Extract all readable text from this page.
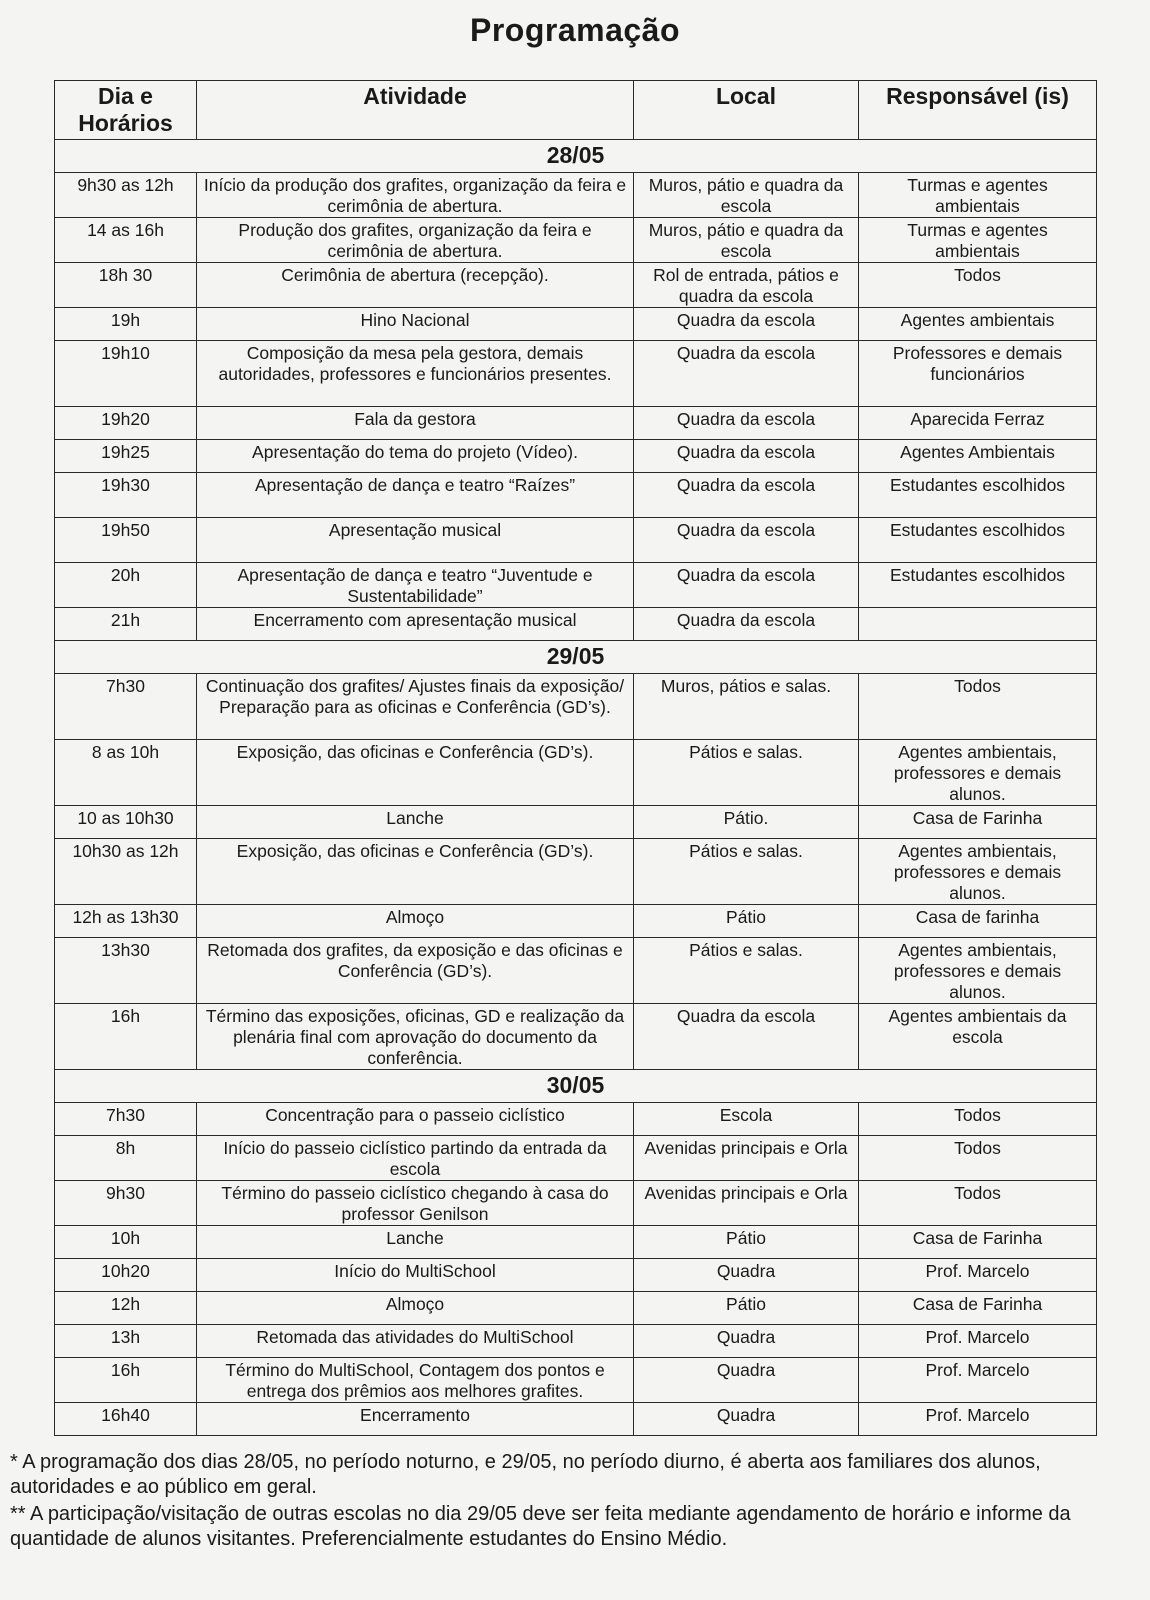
Programação
Dia e Horários	Atividade	Local	Responsável (is)
28/05			
9h30 as 12h	Início da produção dos grafites, organização da feira e cerimônia de abertura.	Muros, pátio e quadra da escola	Turmas e agentes ambientais
14 as 16h	Produção dos grafites, organização da feira e cerimônia de abertura.	Muros, pátio e quadra da escola	Turmas e agentes ambientais
18h 30	Cerimônia de abertura (recepção).	Rol de entrada, pátios e quadra da escola	Todos
19h	Hino Nacional	Quadra da escola	Agentes ambientais
19h10	Composição da mesa pela gestora, demais autoridades, professores e funcionários presentes.	Quadra da escola	Professores e demais funcionários
19h20	Fala da gestora	Quadra da escola	Aparecida Ferraz
19h25	Apresentação do tema do projeto (Vídeo).	Quadra da escola	Agentes Ambientais
19h30	Apresentação de dança e teatro “Raízes”	Quadra da escola	Estudantes escolhidos
19h50	Apresentação musical	Quadra da escola	Estudantes escolhidos
20h	Apresentação de dança e teatro “Juventude e Sustentabilidade”	Quadra da escola	Estudantes escolhidos
21h	Encerramento com apresentação musical	Quadra da escola	
29/05			
7h30	Continuação dos grafites/ Ajustes finais da exposição/ Preparação para as oficinas e Conferência (GD’s).	Muros, pátios e salas.	Todos
8 as 10h	Exposição, das oficinas e Conferência (GD’s).	Pátios e salas.	Agentes ambientais, professores e demais alunos.
10 as 10h30	Lanche	Pátio.	Casa de Farinha
10h30 as 12h	Exposição, das oficinas e Conferência (GD’s).	Pátios e salas.	Agentes ambientais, professores e demais alunos.
12h as 13h30	Almoço	Pátio	Casa de farinha
13h30	Retomada dos grafites, da exposição e das oficinas e Conferência (GD’s).	Pátios e salas.	Agentes ambientais, professores e demais alunos.
16h	Término das exposições, oficinas, GD e realização da plenária final com aprovação do documento da conferência.	Quadra da escola	Agentes ambientais da escola
30/05			
7h30	Concentração para o passeio ciclístico	Escola	Todos
8h	Início do passeio ciclístico partindo da entrada da escola	Avenidas principais e Orla	Todos
9h30	Término do passeio ciclístico chegando à casa do professor Genilson	Avenidas principais e Orla	Todos
10h	Lanche	Pátio	Casa de Farinha
10h20	Início do MultiSchool	Quadra	Prof. Marcelo
12h	Almoço	Pátio	Casa de Farinha
13h	Retomada das atividades do MultiSchool	Quadra	Prof. Marcelo
16h	Término do MultiSchool, Contagem dos pontos e entrega dos prêmios aos melhores grafites.	Quadra	Prof. Marcelo
16h40	Encerramento	Quadra	Prof. Marcelo

* A programação dos dias 28/05, no período noturno, e 29/05, no período diurno, é aberta aos familiares dos alunos, autoridades e ao público em geral.

** A participação/visitação de outras escolas no dia 29/05 deve ser feita mediante agendamento de horário e informe da quantidade de alunos visitantes. Preferencialmente estudantes do Ensino Médio.
